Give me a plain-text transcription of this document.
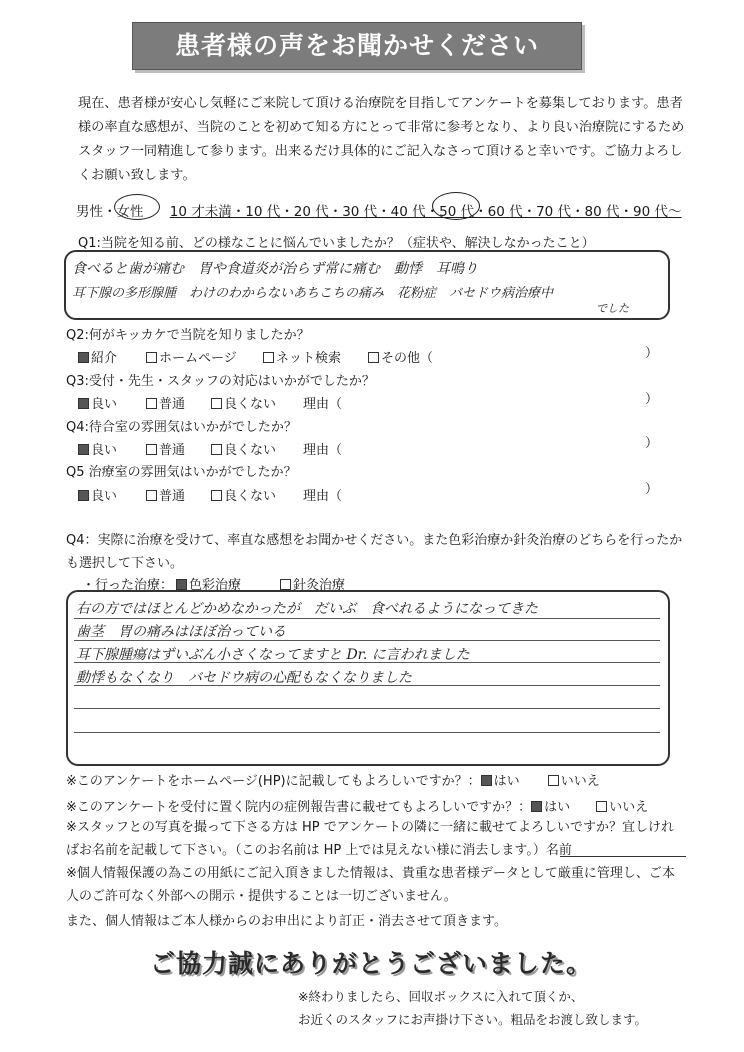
患者様の声をお聞かせください
現在、患者様が安心し気軽にご来院して頂ける治療院を目指してアンケートを募集しております。患者様の率直な感想が、当院のことを初めて知る方にとって非常に参考となり、より良い治療院にするためスタッフ一同精進して参ります。出来るだけ具体的にご記入なさって頂けると幸いです。ご協力よろしくお願い致します。
男性・女性 10 才未満・10 代・20 代・30 代・40 代・50 代・60 代・70 代・80 代・90 代～
Q1:当院を知る前、どの様なことに悩んでいましたか？（症状や、解決しなかったこと）
食べると歯が痛む　胃や食道炎が治らず常に痛む　動悸　耳鳴り
耳下腺の多形腺腫　わけのわからないあちこちの痛み　花粉症　バセドウ病治療中
でした
Q2:何がキッカケで当院を知りましたか？
紹介	ホームページ	ネット検索	その他（	）
Q3:受付・先生・スタッフの対応はいかがでしたか？
良い	普通	良くない 理由（	）
Q4:待合室の雰囲気はいかがでしたか？
良い	普通	良くない 理由（	）
Q5 治療室の雰囲気はいかがでしたか？
良い	普通	良くない 理由（	）
Q4：実際に治療を受けて、率直な感想をお聞かせください。また色彩治療か針灸治療のどちらを行ったか
も選択して下さい。
・行った治療：	色彩治療	針灸治療
右の方ではほとんどかめなかったが　だいぶ　食べれるようになってきた
歯茎　胃の痛みはほぼ治っている
耳下腺腫瘍はずいぶん小さくなってますと Dr. に言われました
動悸もなくなり　バセドウ病の心配もなくなりました
※このアンケートをホームページ(HP)に記載してもよろしいですか？： はい	いいえ
※このアンケートを受付に置く院内の症例報告書に載せてもよろしいですか？： はい	いいえ
※スタッフとの写真を撮って下さる方は HP でアンケートの隣に一緒に載せてよろしいですか？宜しければお名前を記載して下さい。（このお名前は HP 上では見えない様に消去します。）名前
※個人情報保護の為この用紙にご記入頂きました情報は、貴重な患者様データとして厳重に管理し、ご本人のご許可なく外部への開示・提供することは一切ございません。
また、個人情報はご本人様からのお申出により訂正・消去させて頂きます。
ご協力誠にありがとうございました。
※終わりましたら、回収ボックスに入れて頂くか、
お近くのスタッフにお声掛け下さい。粗品をお渡し致します。
